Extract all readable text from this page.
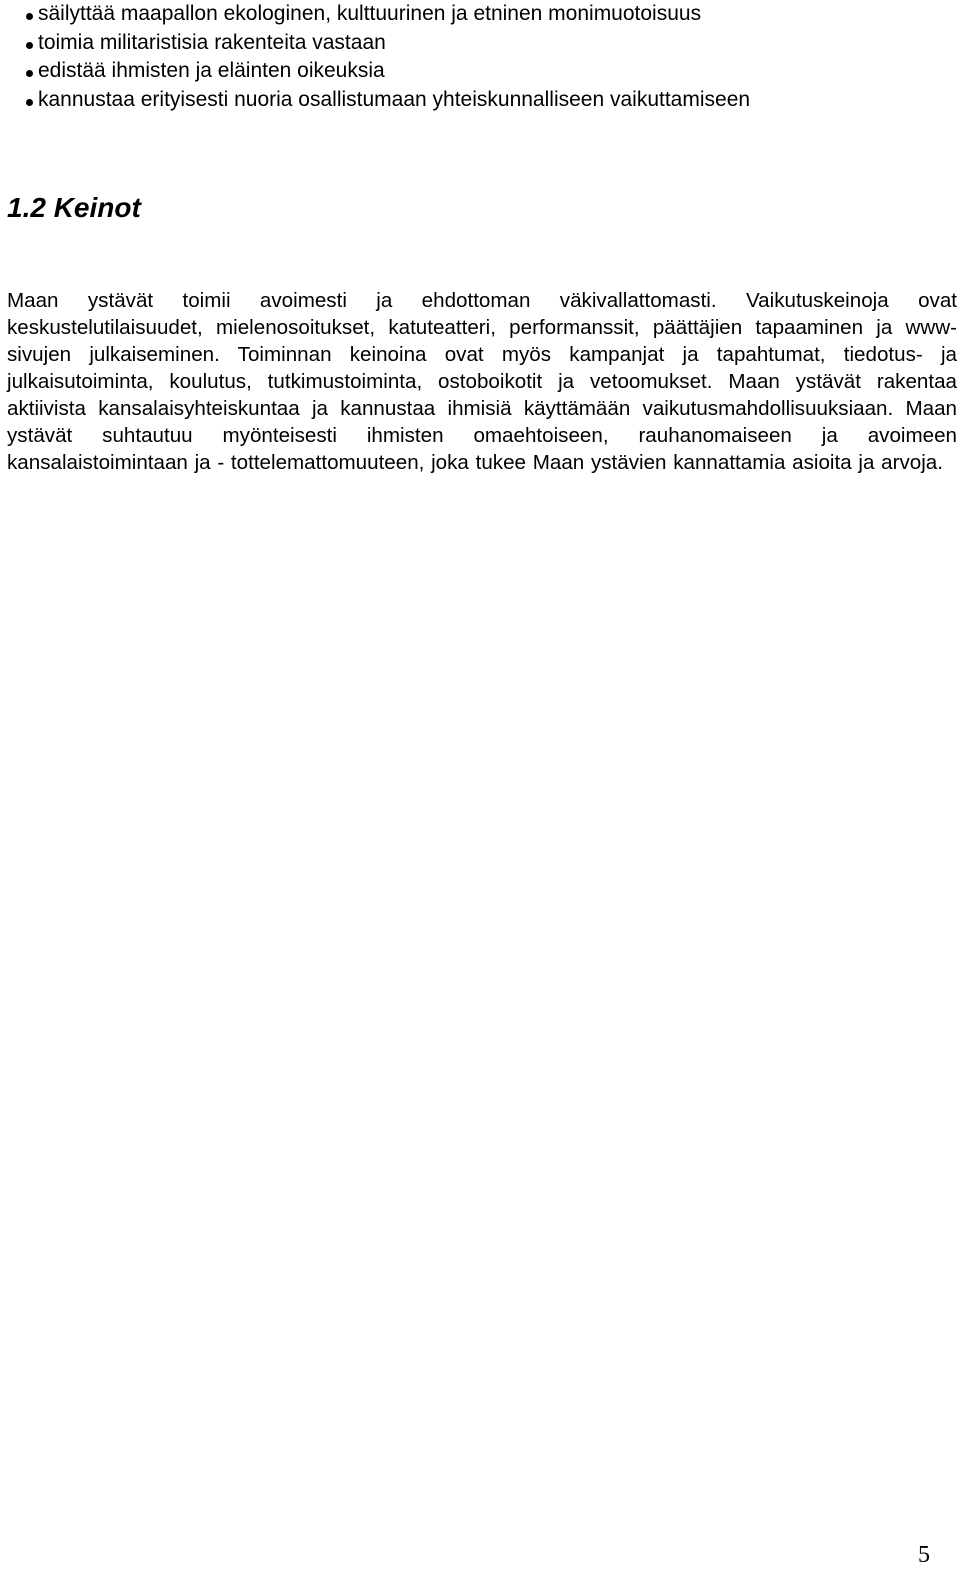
säilyttää maapallon ekologinen, kulttuurinen ja etninen monimuotoisuus
toimia militaristisia rakenteita vastaan
edistää ihmisten ja eläinten oikeuksia
kannustaa erityisesti nuoria osallistumaan yhteiskunnalliseen vaikuttamiseen
1.2 Keinot

Maan ystävät toimii avoimesti ja ehdottoman väkivallattomasti. Vaikutuskeinoja ovat keskustelutilaisuudet, mielenosoitukset, katuteatteri, performanssit, päättäjien tapaaminen ja www-sivujen julkaiseminen. Toiminnan keinoina ovat myös kampanjat ja tapahtumat, tiedotus- ja julkaisutoiminta, koulutus, tutkimustoiminta, ostoboikotit ja vetoomukset. Maan ystävät rakentaa aktiivista kansalaisyhteiskuntaa ja kannustaa ihmisiä käyttämään vaikutusmahdollisuuksiaan. Maan ystävät suhtautuu myönteisesti ihmisten omaehtoiseen, rauhanomaiseen ja avoimeen kansalaistoimintaan ja - tottelemattomuuteen, joka tukee Maan ystävien kannattamia asioita ja arvoja.

5
